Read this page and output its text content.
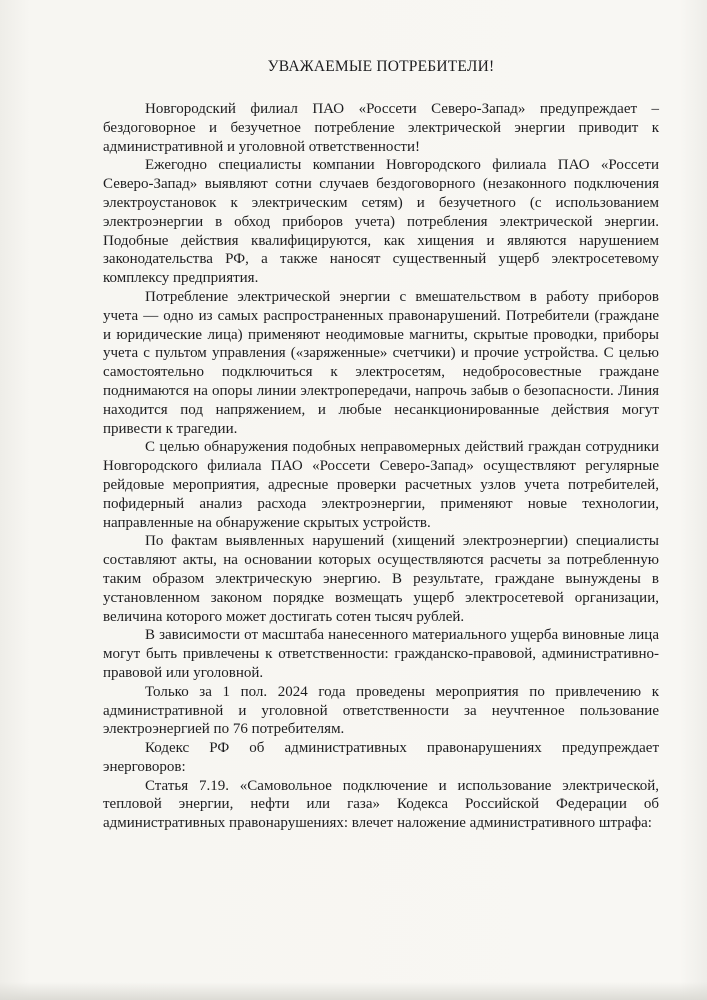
УВАЖАЕМЫЕ ПОТРЕБИТЕЛИ!

Новгородский филиал ПАО «Россети Северо-Запад» предупреждает – бездоговорное и безучетное потребление электрической энергии приводит к административной и уголовной ответственности!

Ежегодно специалисты компании Новгородского филиала ПАО «Россети Северо-Запад» выявляют сотни случаев бездоговорного (незаконного подключения электроустановок к электрическим сетям) и безучетного (с использованием электроэнергии в обход приборов учета) потребления электрической энергии. Подобные действия квалифицируются, как хищения и являются нарушением законодательства РФ, а также наносят существенный ущерб электросетевому комплексу предприятия.

Потребление электрической энергии с вмешательством в работу приборов учета — одно из самых распространенных правонарушений. Потребители (граждане и юридические лица) применяют неодимовые магниты, скрытые проводки, приборы учета с пультом управления («заряженные» счетчики) и прочие устройства. С целью самостоятельно подключиться к электросетям, недобросовестные граждане поднимаются на опоры линии электропередачи, напрочь забыв о безопасности. Линия находится под напряжением, и любые несанкционированные действия могут привести к трагедии.

С целью обнаружения подобных неправомерных действий граждан сотрудники Новгородского филиала ПАО «Россети Северо-Запад» осуществляют регулярные рейдовые мероприятия, адресные проверки расчетных узлов учета потребителей, пофидерный анализ расхода электроэнергии, применяют новые технологии, направленные на обнаружение скрытых устройств.

По фактам выявленных нарушений (хищений электроэнергии) специалисты составляют акты, на основании которых осуществляются расчеты за потребленную таким образом электрическую энергию. В результате, граждане вынуждены в установленном законом порядке возмещать ущерб электросетевой организации, величина которого может достигать сотен тысяч рублей.

В зависимости от масштаба нанесенного материального ущерба виновные лица могут быть привлечены к ответственности: гражданско-правовой, административно-правовой или уголовной.

Только за 1 пол. 2024 года проведены мероприятия по привлечению к административной и уголовной ответственности за неучтенное пользование электроэнергией по 76 потребителям.

Кодекс РФ об административных правонарушениях предупреждает энерговоров:

Статья 7.19. «Самовольное подключение и использование электрической, тепловой энергии, нефти или газа» Кодекса Российской Федерации об административных правонарушениях: влечет наложение административного штрафа:
